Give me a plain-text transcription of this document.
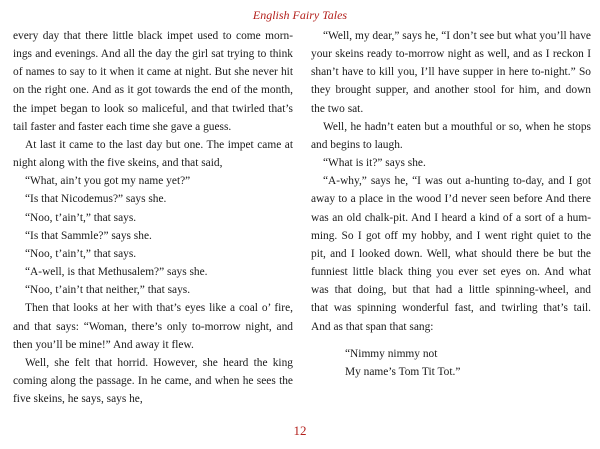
English Fairy Tales

every day that there little black impet used to come morn-

ings and evenings. And all the day the girl sat trying to think

of names to say to it when it came at night. But she never hit

on the right one. And as it got towards the end of the month,

the impet began to look so maliceful, and that twirled that’s

tail faster and faster each time she gave a guess.

At last it came to the last day but one. The impet came at

night along with the five skeins, and that said,

“What, ain’t you got my name yet?”

“Is that Nicodemus?” says she.

“Noo, t’ain’t,” that says.

“Is that Sammle?” says she.

“Noo, t’ain’t,” that says.

“A-well, is that Methusalem?” says she.

“Noo, t’ain’t that neither,” that says.

Then that looks at her with that’s eyes like a coal o’ fire,

and that says: “Woman, there’s only to-morrow night, and

then you’ll be mine!” And away it flew.

Well, she felt that horrid. However, she heard the king

coming along the passage. In he came, and when he sees the

five skeins, he says, says he,

“Well, my dear,” says he, “I don’t see but what you’ll have

your skeins ready to-morrow night as well, and as I reckon I

shan’t have to kill you, I’ll have supper in here to-night.” So

they brought supper, and another stool for him, and down

the two sat.

Well, he hadn’t eaten but a mouthful or so, when he stops

and begins to laugh.

“What is it?” says she.

“A-why,” says he, “I was out a-hunting to-day, and I got

away to a place in the wood I’d never seen before And there

was an old chalk-pit. And I heard a kind of a sort of a hum-

ming. So I got off my hobby, and I went right quiet to the

pit, and I looked down. Well, what should there be but the

funniest little black thing you ever set eyes on. And what

was that doing, but that had a little spinning-wheel, and

that was spinning wonderful fast, and twirling that’s tail.

And as that span that sang:

“Nimmy nimmy not

My name’s Tom Tit Tot.”

12
